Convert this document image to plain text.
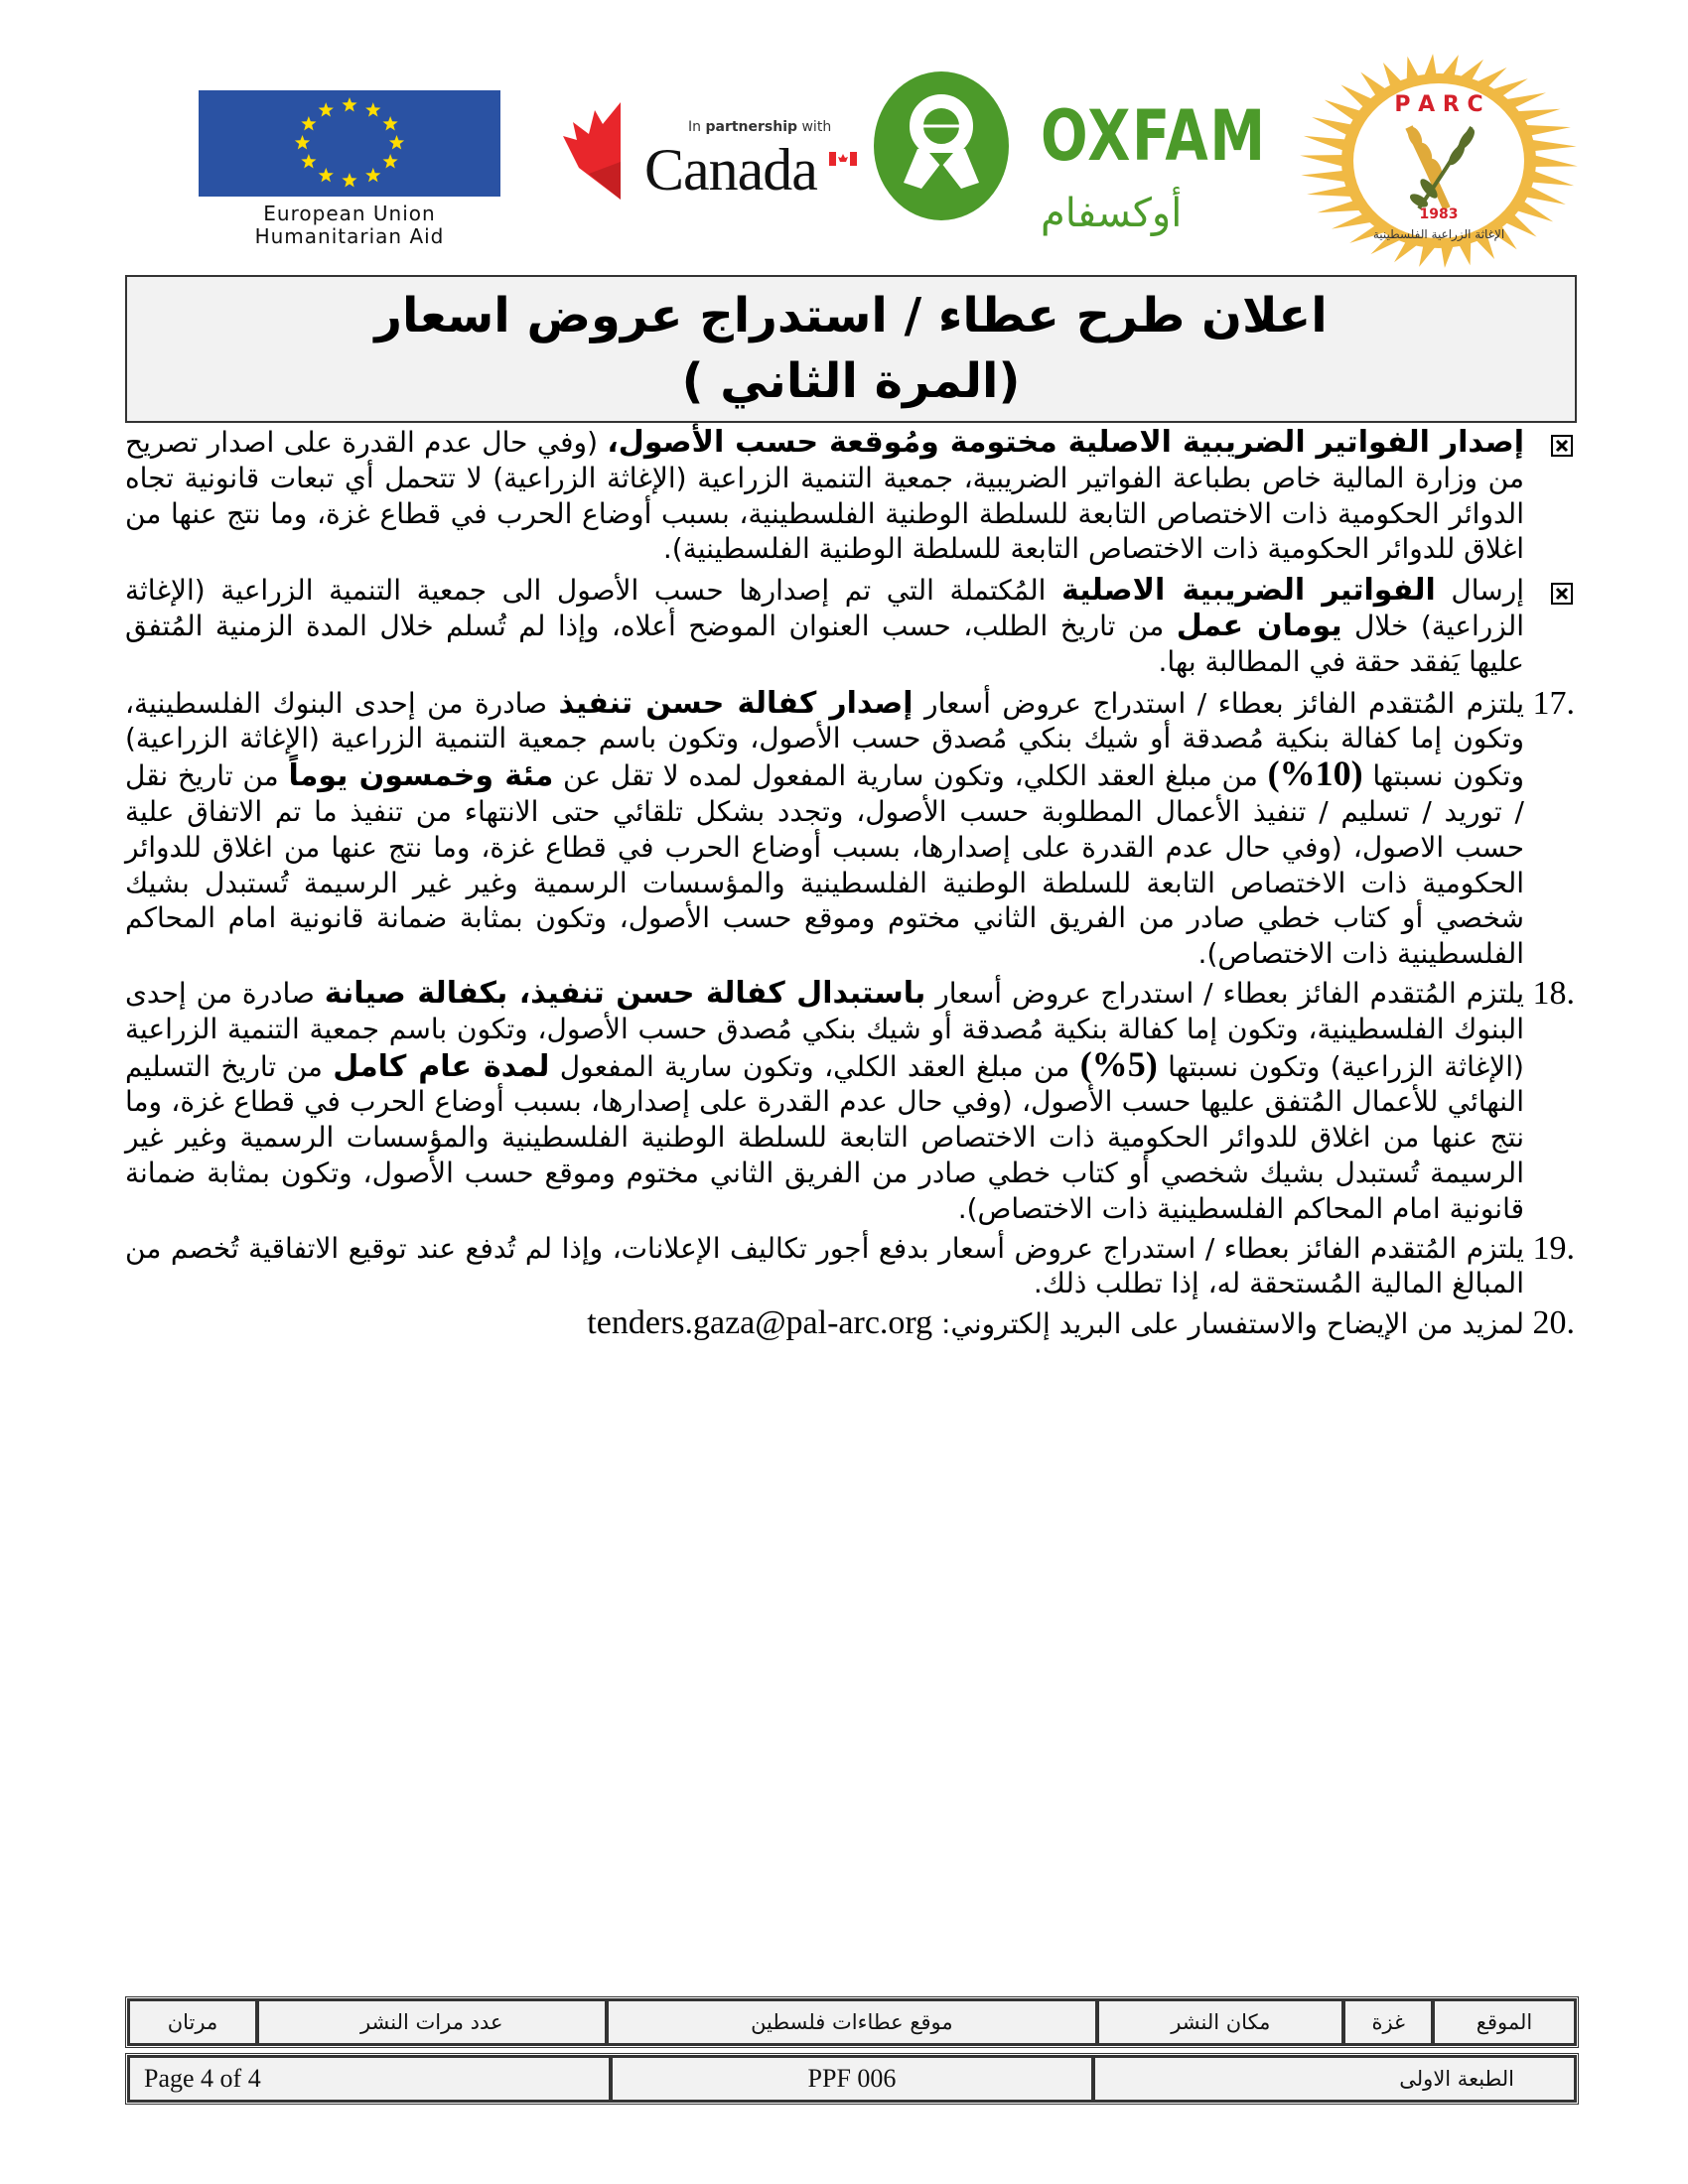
European Union
Humanitarian Aid
In partnership with
Canada	OXFAM
أوكسفام
P A R C
1983
الإغاثة الزراعية الفلسطينية
اعلان طرح عطاء / استدراج عروض اسعار
(المرة الثاني )

إصدار الفواتير الضريبية الاصلية مختومة ومُوقعة حسب الأصول، (وفي حال عدم القدرة على اصدار تصريح من وزارة المالية خاص بطباعة الفواتير الضريبية، جمعية التنمية الزراعية (الإغاثة الزراعية) لا تتحمل أي تبعات قانونية تجاه الدوائر الحكومية ذات الاختصاص التابعة للسلطة الوطنية الفلسطينية، بسبب أوضاع الحرب في قطاع غزة، وما نتج عنها من اغلاق للدوائر الحكومية ذات الاختصاص التابعة للسلطة الوطنية الفلسطينية).

إرسال الفواتير الضريبية الاصلية المُكتملة التي تم إصدارها حسب الأصول الى جمعية التنمية الزراعية (الإغاثة الزراعية) خلال يومان عمل من تاريخ الطلب، حسب العنوان الموضح أعلاه، وإذا لم تُسلم خلال المدة الزمنية المُتفق عليها يَفقد حقة في المطالبة بها.

17.

يلتزم المُتقدم الفائز بعطاء / استدراج عروض أسعار إصدار كفالة حسن تنفيذ صادرة من إحدى البنوك الفلسطينية، وتكون إما كفالة بنكية مُصدقة أو شيك بنكي مُصدق حسب الأصول، وتكون باسم جمعية التنمية الزراعية (الإغاثة الزراعية) وتكون نسبتها (10%) من مبلغ العقد الكلي، وتكون سارية المفعول لمده لا تقل عن مئة وخمسون يوماً من تاريخ نقل / توريد / تسليم / تنفيذ الأعمال المطلوبة حسب الأصول، وتجدد بشكل تلقائي حتى الانتهاء من تنفيذ ما تم الاتفاق علية حسب الاصول، (وفي حال عدم القدرة على إصدارها، بسبب أوضاع الحرب في قطاع غزة، وما نتج عنها من اغلاق للدوائر الحكومية ذات الاختصاص التابعة للسلطة الوطنية الفلسطينية والمؤسسات الرسمية وغير غير الرسيمة تُستبدل بشيك شخصي أو كتاب خطي صادر من الفريق الثاني مختوم وموقع حسب الأصول، وتكون بمثابة ضمانة قانونية امام المحاكم الفلسطينية ذات الاختصاص).

18.

يلتزم المُتقدم الفائز بعطاء / استدراج عروض أسعار باستبدال كفالة حسن تنفيذ، بكفالة صيانة صادرة من إحدى البنوك الفلسطينية، وتكون إما كفالة بنكية مُصدقة أو شيك بنكي مُصدق حسب الأصول، وتكون باسم جمعية التنمية الزراعية (الإغاثة الزراعية) وتكون نسبتها (5%) من مبلغ العقد الكلي، وتكون سارية المفعول لمدة عام كامل من تاريخ التسليم النهائي للأعمال المُتفق عليها حسب الأصول، (وفي حال عدم القدرة على إصدارها، بسبب أوضاع الحرب في قطاع غزة، وما نتج عنها من اغلاق للدوائر الحكومية ذات الاختصاص التابعة للسلطة الوطنية الفلسطينية والمؤسسات الرسمية وغير غير الرسيمة تُستبدل بشيك شخصي أو كتاب خطي صادر من الفريق الثاني مختوم وموقع حسب الأصول، وتكون بمثابة ضمانة قانونية امام المحاكم الفلسطينية ذات الاختصاص).

19.

يلتزم المُتقدم الفائز بعطاء / استدراج عروض أسعار بدفع أجور تكاليف الإعلانات، وإذا لم تُدفع عند توقيع الاتفاقية تُخصم من المبالغ المالية المُستحقة له، إذا تطلب ذلك.

20.

لمزيد من الإيضاح والاستفسار على البريد إلكتروني: tenders.gaza@pal-arc.org

الموقع	غزة	مكان النشر	موقع عطاءات فلسطين	عدد مرات النشر	مرتان
الطبعة الاولى	PPF 006	Page 4 of 4
